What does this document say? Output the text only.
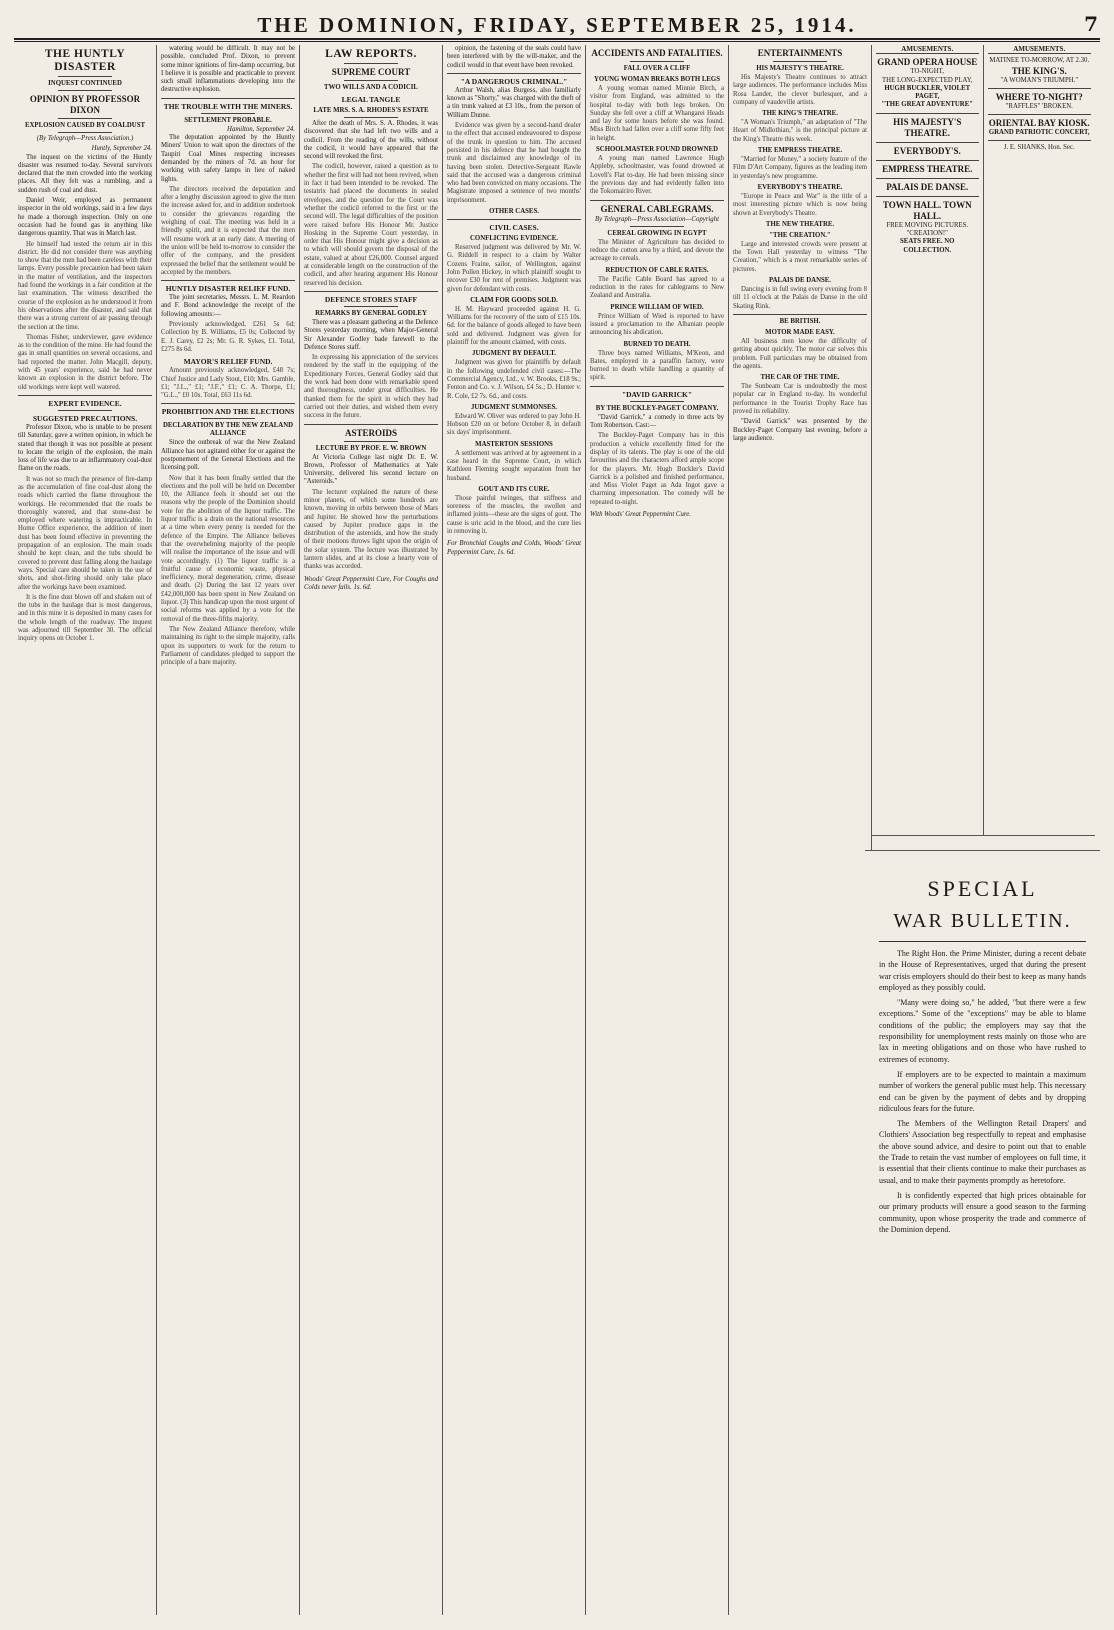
THE DOMINION, FRIDAY, SEPTEMBER 25, 1914.	7
THE HUNTLY DISASTER
INQUEST CONTINUED
OPINION BY PROFESSOR DIXON
EXPLOSION CAUSED BY COALDUST
(By Telegraph—Press Association.)
Huntly, September 24.

The inquest on the victims of the Huntly disaster was resumed to-day. Several survivors declared that the men crowded into the working places. All they felt was a rumbling, and a sudden rush of coal and dust.

Daniel Weir, employed as permanent inspector in the old workings, said in a few days he made a thorough inspection. Only on one occasion had he found gas in anything like dangerous quantity. That was in March last.

He himself had tested the return air in this district. He did not consider there was anything to show that the men had been careless with their lamps. Every possible precaution had been taken in the matter of ventilation, and the inspectors had found the workings in a fair condition at the last examination. The witness described the course of the explosion as he understood it from his observations after the disaster, and said that there was a strong current of air passing through the section at the time.

Thomas Fisher, underviewer, gave evidence as to the condition of the mine. He had found the gas in small quantities on several occasions, and had reported the matter. John Macgill, deputy, with 45 years' experience, said he had never known an explosion in the district before. The old workings were kept well watered.

EXPERT EVIDENCE.
SUGGESTED PRECAUTIONS.

Professor Dixon, who is unable to be present till Saturday, gave a written opinion, in which he stated that though it was not possible at present to locate the origin of the explosion, the main loss of life was due to an inflammatory coal-dust flame on the roads.

It was not so much the presence of fire-damp as the accumulation of fine coal-dust along the roads which carried the flame throughout the workings. He recommended that the roads be thoroughly watered, and that stone-dust be employed where watering is impracticable. In Home Office experience, the addition of inert dust has been found effective in preventing the propagation of an explosion. The main roads should be kept clean, and the tubs should be covered to prevent dust falling along the haulage ways. Special care should be taken in the use of shots, and shot-firing should only take place after the workings have been examined.

It is the fine dust blown off and shaken out of the tubs in the haulage that is most dangerous, and in this mine it is deposited in many cases for the whole length of the roadway. The inquest was adjourned till September 30. The official inquiry opens on October 1.

watering would be difficult. It may not be possible, concluded Prof. Dixon, to prevent some minor ignitions of fire-damp occurring, but I believe it is possible and practicable to prevent such small inflammations developing into the destructive explosion.

THE TROUBLE WITH THE MINERS.
SETTLEMENT PROBABLE.
Hamilton, September 24.

The deputation appointed by the Huntly Miners' Union to wait upon the directors of the Taupiri Coal Mines respecting increases demanded by the miners of 7d. an hour for working with safety lamps in lieu of naked lights.

The directors received the deputation and after a lengthy discussion agreed to give the men the increase asked for, and in addition undertook to consider the grievances regarding the weighing of coal. The meeting was held in a friendly spirit, and it is expected that the men will resume work at an early date. A meeting of the union will be held to-morrow to consider the offer of the company, and the president expressed the belief that the settlement would be accepted by the members.

HUNTLY DISASTER RELIEF FUND.

The joint secretaries, Messrs. L. M. Reardon and F. Bond acknowledge the receipt of the following amounts:—

Previously acknowledged, £261 5s 6d; Collection by B. Williams, £5 0s; Collected by E. J. Carey, £2 2s; Mr. G. R. Sykes, £1. Total, £275 8s 6d.

MAYOR'S RELIEF FUND.

Amount previously acknowledged, £48 7s; Chief Justice and Lady Stout, £10; Mrs. Gamble, £1; "J.L.," £1; "J.F.," £1; C. A. Thorpe, £1; "G.L.," £0 10s. Total, £63 11s 6d.

PROHIBITION AND THE ELECTIONS
DECLARATION BY THE NEW ZEALAND ALLIANCE

Since the outbreak of war the New Zealand Alliance has not agitated either for or against the postponement of the General Elections and the licensing poll.

Now that it has been finally settled that the elections and the poll will be held on December 10, the Alliance feels it should set out the reasons why the people of the Dominion should vote for the abolition of the liquor traffic. The liquor traffic is a drain on the national resources at a time when every penny is needed for the defence of the Empire. The Alliance believes that the overwhelming majority of the people will realise the importance of the issue and will vote accordingly. (1) The liquor traffic is a fruitful cause of economic waste, physical inefficiency, moral degeneration, crime, disease and death. (2) During the last 12 years over £42,000,000 has been spent in New Zealand on liquor. (3) This handicap upon the most urgent of social reforms was applied by a vote for the removal of the three-fifths majority.

The New Zealand Alliance therefore, while maintaining its right to the simple majority, calls upon its supporters to work for the return to Parliament of candidates pledged to support the principle of a bare majority.

LAW REPORTS.
SUPREME COURT
TWO WILLS AND A CODICIL
LEGAL TANGLE
LATE MRS. S. A. RHODES'S ESTATE

After the death of Mrs. S. A. Rhodes, it was discovered that she had left two wills and a codicil. From the reading of the wills, without the codicil, it would have appeared that the second will revoked the first.

The codicil, however, raised a question as to whether the first will had not been revived, when in fact it had been intended to be revoked. The testatrix had placed the documents in sealed envelopes, and the question for the Court was whether the codicil referred to the first or the second will. The legal difficulties of the position were raised before His Honour Mr. Justice Hosking in the Supreme Court yesterday, in order that His Honour might give a decision as to which will should govern the disposal of the estate, valued at about £26,000. Counsel argued at considerable length on the construction of the codicil, and after hearing argument His Honour reserved his decision.

DEFENCE STORES STAFF
REMARKS BY GENERAL GODLEY

There was a pleasant gathering at the Defence Stores yesterday morning, when Major-General Sir Alexander Godley bade farewell to the Defence Stores staff.

In expressing his appreciation of the services rendered by the staff in the equipping of the Expeditionary Forces, General Godley said that the work had been done with remarkable speed and thoroughness, under great difficulties. He thanked them for the spirit in which they had carried out their duties, and wished them every success in the future.

ASTEROIDS
LECTURE BY PROF. E. W. BROWN

At Victoria College last night Dr. E. W. Brown, Professor of Mathematics at Yale University, delivered his second lecture on "Asteroids."

The lecturer explained the nature of these minor planets, of which some hundreds are known, moving in orbits between those of Mars and Jupiter. He showed how the perturbations caused by Jupiter produce gaps in the distribution of the asteroids, and how the study of their motions throws light upon the origin of the solar system. The lecture was illustrated by lantern slides, and at its close a hearty vote of thanks was accorded.

Woods' Great Peppermint Cure, For Coughs and Colds never fails. 1s. 6d.

opinion, the fastening of the seals could have been interfered with by the will-maker, and the codicil would in that event have been revoked.

"A DANGEROUS CRIMINAL."

Arthur Walsh, alias Burgess, also familiarly known as "Shorty," was charged with the theft of a tin trunk valued at £3 10s., from the person of William Dunne.

Evidence was given by a second-hand dealer to the effect that accused endeavoured to dispose of the trunk in question to him. The accused persisted in his defence that he had bought the trunk and disclaimed any knowledge of its having been stolen. Detective-Sergeant Rawle said that the accused was a dangerous criminal who had been convicted on many occasions. The Magistrate imposed a sentence of two months' imprisonment.

OTHER CASES.
CIVIL CASES.
CONFLICTING EVIDENCE.

Reserved judgment was delivered by Mr. W. G. Riddell in respect to a claim by Walter Cozens Fraine, sailor, of Wellington, against John Pollen Hickey, in which plaintiff sought to recover £30 for rent of premises. Judgment was given for defendant with costs.

CLAIM FOR GOODS SOLD.

H. M. Hayward proceeded against H. G. Williams for the recovery of the sum of £15 10s. 6d. for the balance of goods alleged to have been sold and delivered. Judgment was given for plaintiff for the amount claimed, with costs.

JUDGMENT BY DEFAULT.

Judgment was given for plaintiffs by default in the following undefended civil cases:—The Commercial Agency, Ltd., v. W. Brooks, £18 9s.; Fenton and Co. v. J. Wilson, £4 5s.; D. Hunter v. R. Cole, £2 7s. 6d., and costs.

JUDGMENT SUMMONSES.

Edward W. Oliver was ordered to pay John H. Hobson £20 on or before October 8, in default six days' imprisonment.

MASTERTON SESSIONS

A settlement was arrived at by agreement in a case heard in the Supreme Court, in which Kathleen Fleming sought separation from her husband.

GOUT AND ITS CURE.

Those painful twinges, that stiffness and soreness of the muscles, the swollen and inflamed joints—these are the signs of gout. The cause is uric acid in the blood, and the cure lies in removing it.

For Bronchial Coughs and Colds, Woods' Great Peppermint Cure, 1s. 6d.
ACCIDENTS AND FATALITIES.
FALL OVER A CLIFF
YOUNG WOMAN BREAKS BOTH LEGS

A young woman named Minnie Birch, a visitor from England, was admitted to the hospital to-day with both legs broken. On Sunday she fell over a cliff at Whangarei Heads and lay for some hours before she was found. Miss Birch had fallen over a cliff some fifty feet in height.

SCHOOLMASTER FOUND DROWNED

A young man named Lawrence Hugh Appleby, schoolmaster, was found drowned at Lovell's Flat to-day. He had been missing since the previous day and had evidently fallen into the Tokomairiro River.

GENERAL CABLEGRAMS.
By Telegraph—Press Association—Copyright
CEREAL GROWING IN EGYPT

The Minister of Agriculture has decided to reduce the cotton area by a third, and devote the acreage to cereals.

REDUCTION OF CABLE RATES.

The Pacific Cable Board has agreed to a reduction in the rates for cablegrams to New Zealand and Australia.

PRINCE WILLIAM OF WIED.

Prince William of Wied is reported to have issued a proclamation to the Albanian people announcing his abdication.

BURNED TO DEATH.

Three boys named Williams, M'Keon, and Bates, employed in a paraffin factory, were burned to death while handling a quantity of spirit.

"DAVID GARRICK"
BY THE BUCKLEY-PAGET COMPANY.

"David Garrick," a comedy in three acts by Tom Robertson. Cast:—

The Buckley-Paget Company has in this production a vehicle excellently fitted for the display of its talents. The play is one of the old favourites and the characters afford ample scope for the players. Mr. Hugh Buckler's David Garrick is a polished and finished performance, and Miss Violet Paget as Ada Ingot gave a charming impersonation. The comedy will be repeated to-night.

With Woods' Great Peppermint Cure.
ENTERTAINMENTS
HIS MAJESTY'S THEATRE.

His Majesty's Theatre continues to attract large audiences. The performance includes Miss Rosa Lander, the clever burlesquer, and a company of vaudeville artists.

THE KING'S THEATRE.

"A Woman's Triumph," an adaptation of "The Heart of Midlothian," is the principal picture at the King's Theatre this week.

THE EMPRESS THEATRE.

"Married for Money," a society feature of the Film D'Art Company, figures as the leading item in yesterday's new programme.

EVERYBODY'S THEATRE.

"Europe in Peace and War" is the title of a most interesting picture which is now being shown at Everybody's Theatre.

THE NEW THEATRE.
"THE CREATION."

Large and interested crowds were present at the Town Hall yesterday to witness "The Creation," which is a most remarkable series of pictures.

PALAIS DE DANSE.

Dancing is in full swing every evening from 8 till 11 o'clock at the Palais de Danse in the old Skating Rink.

BE BRITISH.
MOTOR MADE EASY.

All business men know the difficulty of getting about quickly. The motor car solves this problem. Full particulars may be obtained from the agents.

THE CAR OF THE TIME.

The Sunbeam Car is undoubtedly the most popular car in England to-day. Its wonderful performance in the Tourist Trophy Race has proved its reliability.

"David Garrick" was presented by the Buckley-Paget Company last evening, before a large audience.

AMUSEMENTS.
GRAND OPERA HOUSE
TO-NIGHT,
THE LONG-EXPECTED PLAY,
HUGH BUCKLER, VIOLET PAGET,
"THE GREAT ADVENTURE"
HIS MAJESTY'S THEATRE.
EVERYBODY'S.
EMPRESS THEATRE.
PALAIS DE DANSE.
TOWN HALL. TOWN HALL.
FREE MOVING PICTURES. "CREATION!"
SEATS FREE. NO COLLECTION.
AMUSEMENTS.
MATINEE TO-MORROW, AT 2.30.
THE KING'S.
"A WOMAN'S TRIUMPH."
WHERE TO-NIGHT?
"RAFFLES" 'BROKEN.
ORIENTAL BAY KIOSK.
GRAND PATRIOTIC CONCERT,
J. E. SHANKS, Hon. Sec.
SPECIAL
WAR BULLETIN.

The Right Hon. the Prime Minister, during a recent debate in the House of Representatives, urged that during the present war crisis employers should do their best to keep as many hands employed as they possibly could.

"Many were doing so," he added, "but there were a few exceptions." Some of the "exceptions" may be able to blame conditions of the public; the employers may say that the responsibility for unemployment rests mainly on those who are lax in meeting obligations and on those who have rushed to extremes of economy.

If employers are to be expected to maintain a maximum number of workers the general public must help. This necessary end can be given by the payment of debts and by dropping ridiculous fears for the future.

The Members of the Wellington Retail Drapers' and Clothiers' Association beg respectfully to repeat and emphasise the above sound advice, and desire to point out that to enable the Trade to retain the vast number of employees on full time, it is essential that their clients continue to make their purchases as usual, and to make their payments promptly as heretofore.

It is confidently expected that high prices obtainable for our primary products will ensure a good season to the farming community, upon whose prosperity the trade and commerce of the Dominion depend.
